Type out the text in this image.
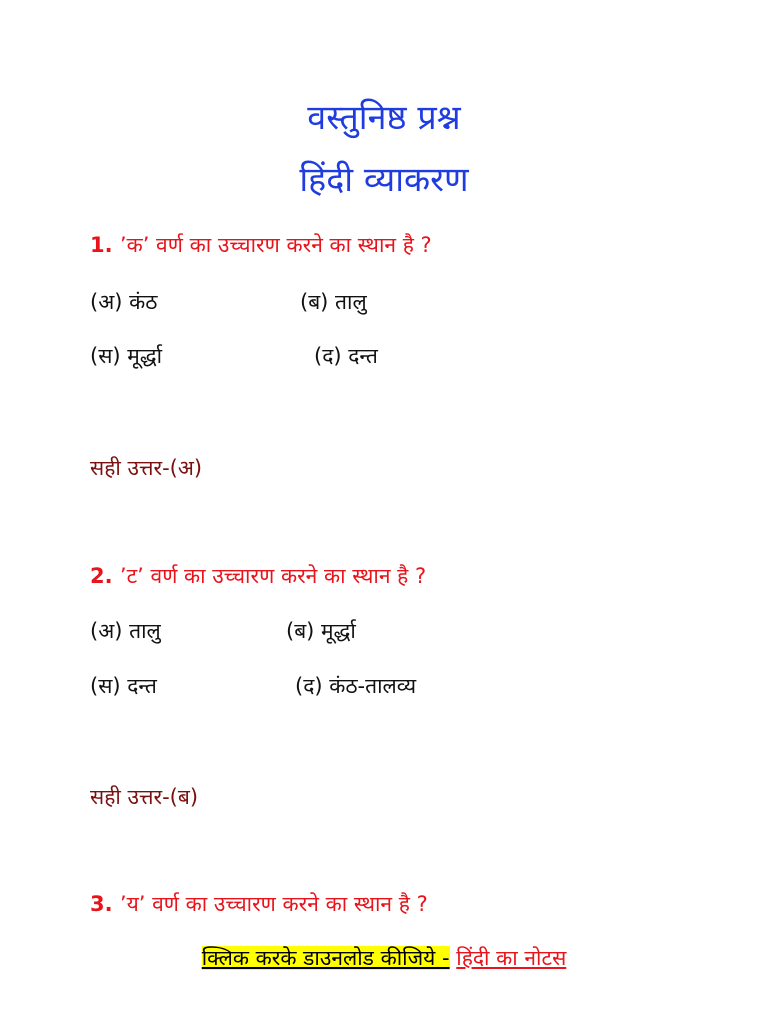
वस्तुनिष्ठ प्रश्न
हिंदी व्याकरण
1. ’क’ वर्ण का उच्चारण करने का स्थान है ?
(अ) कंठ	(ब) तालु
(स) मूर्द्धा	(द) दन्त
सही उत्तर-(अ)
2. ’ट’ वर्ण का उच्चारण करने का स्थान है ?
(अ) तालु	(ब) मूर्द्धा
(स) दन्त	(द) कंठ-तालव्य
सही उत्तर-(ब)
3. ’य’ वर्ण का उच्चारण करने का स्थान है ?
क्लिक करके डाउनलोड कीजिये - हिंदी का नोटस
